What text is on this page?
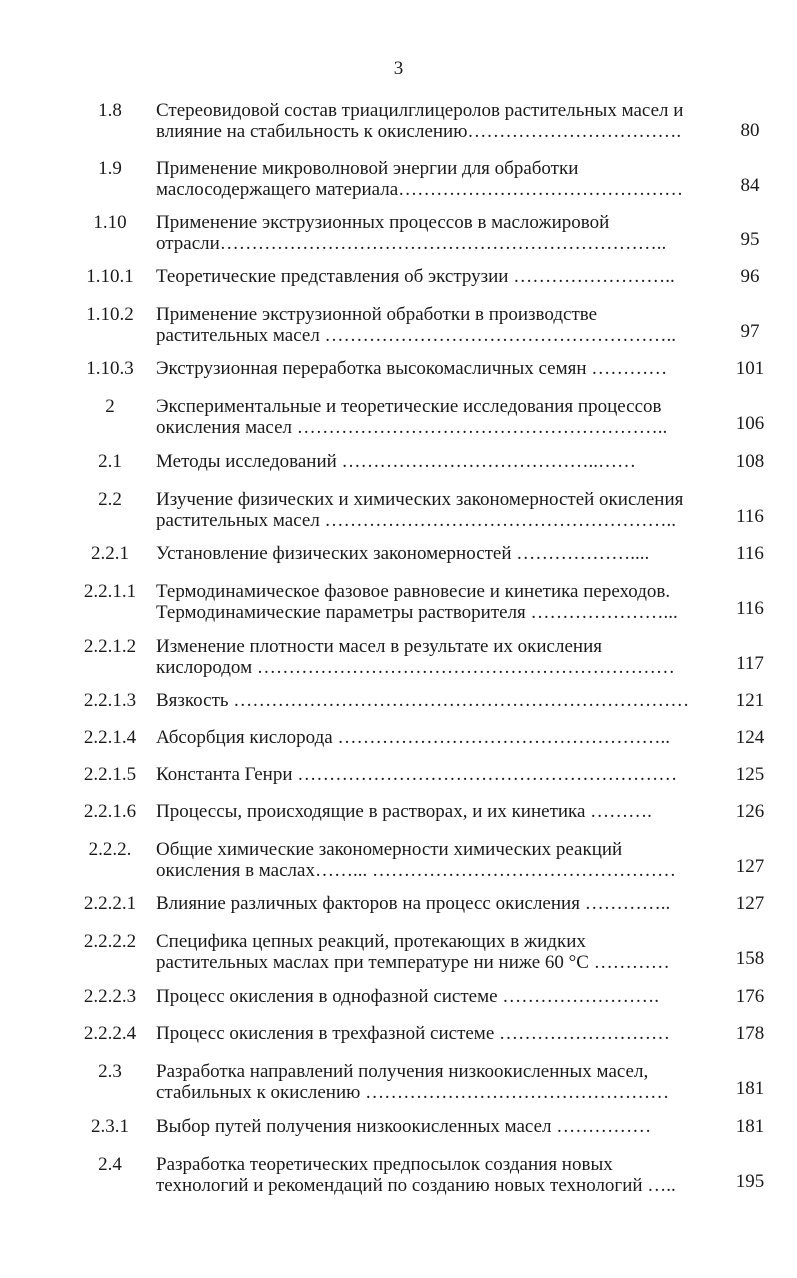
3
1.8	Стереовидовой состав триацилглицеролов растительных масел и
влияние на стабильность к окислению…………………………….	80
1.9	Применение микроволновой энергии для обработки
маслосодержащего материала………………………………………	84
1.10	Применение экструзионных процессов в масложировой
отрасли……………………………………………………………..	95
1.10.1	Теоретические представления об экструзии ……………………..	96
1.10.2	Применение экструзионной обработки в производстве
растительных масел ………………………………………………..	97
1.10.3	Экструзионная переработка высокомасличных семян …………	101
2	Экспериментальные и теоретические исследования процессов
окисления масел …………………………………………………..	106
2.1	Методы исследований …………………………………..……	108
2.2	Изучение физических и химических закономерностей окисления
растительных масел ………………………………………………..	116
2.2.1	Установление физических закономерностей ………………....	116
2.2.1.1	Термодинамическое фазовое равновесие и кинетика переходов.
Термодинамические параметры растворителя …………………...	116
2.2.1.2	Изменение плотности масел в результате их окисления
кислородом …………………………………………………………	117
2.2.1.3	Вязкость ………………………………………………………………	121
2.2.1.4	Абсорбция кислорода ……………………………………………..	124
2.2.1.5	Константа Генри ……………………………………………………	125
2.2.1.6	Процессы, происходящие в растворах, и их кинетика ……….	126
2.2.2.	Общие химические закономерности химических реакций
окисления в маслах……... …………………………………………	127
2.2.2.1	Влияние различных факторов на процесс окисления …………..	127
2.2.2.2	Специфика цепных реакций, протекающих в жидких
растительных маслах при температуре ни ниже 60 °С …………	158
2.2.2.3	Процесс окисления в однофазной системе …………………….	176
2.2.2.4	Процесс окисления в трехфазной системе ………………………	178
2.3	Разработка направлений получения низкоокисленных масел,
стабильных к окислению …………………………………………	181
2.3.1	Выбор путей получения низкоокисленных масел ……………	181
2.4	Разработка теоретических предпосылок создания новых
технологий и рекомендаций по созданию новых технологий …..	195
